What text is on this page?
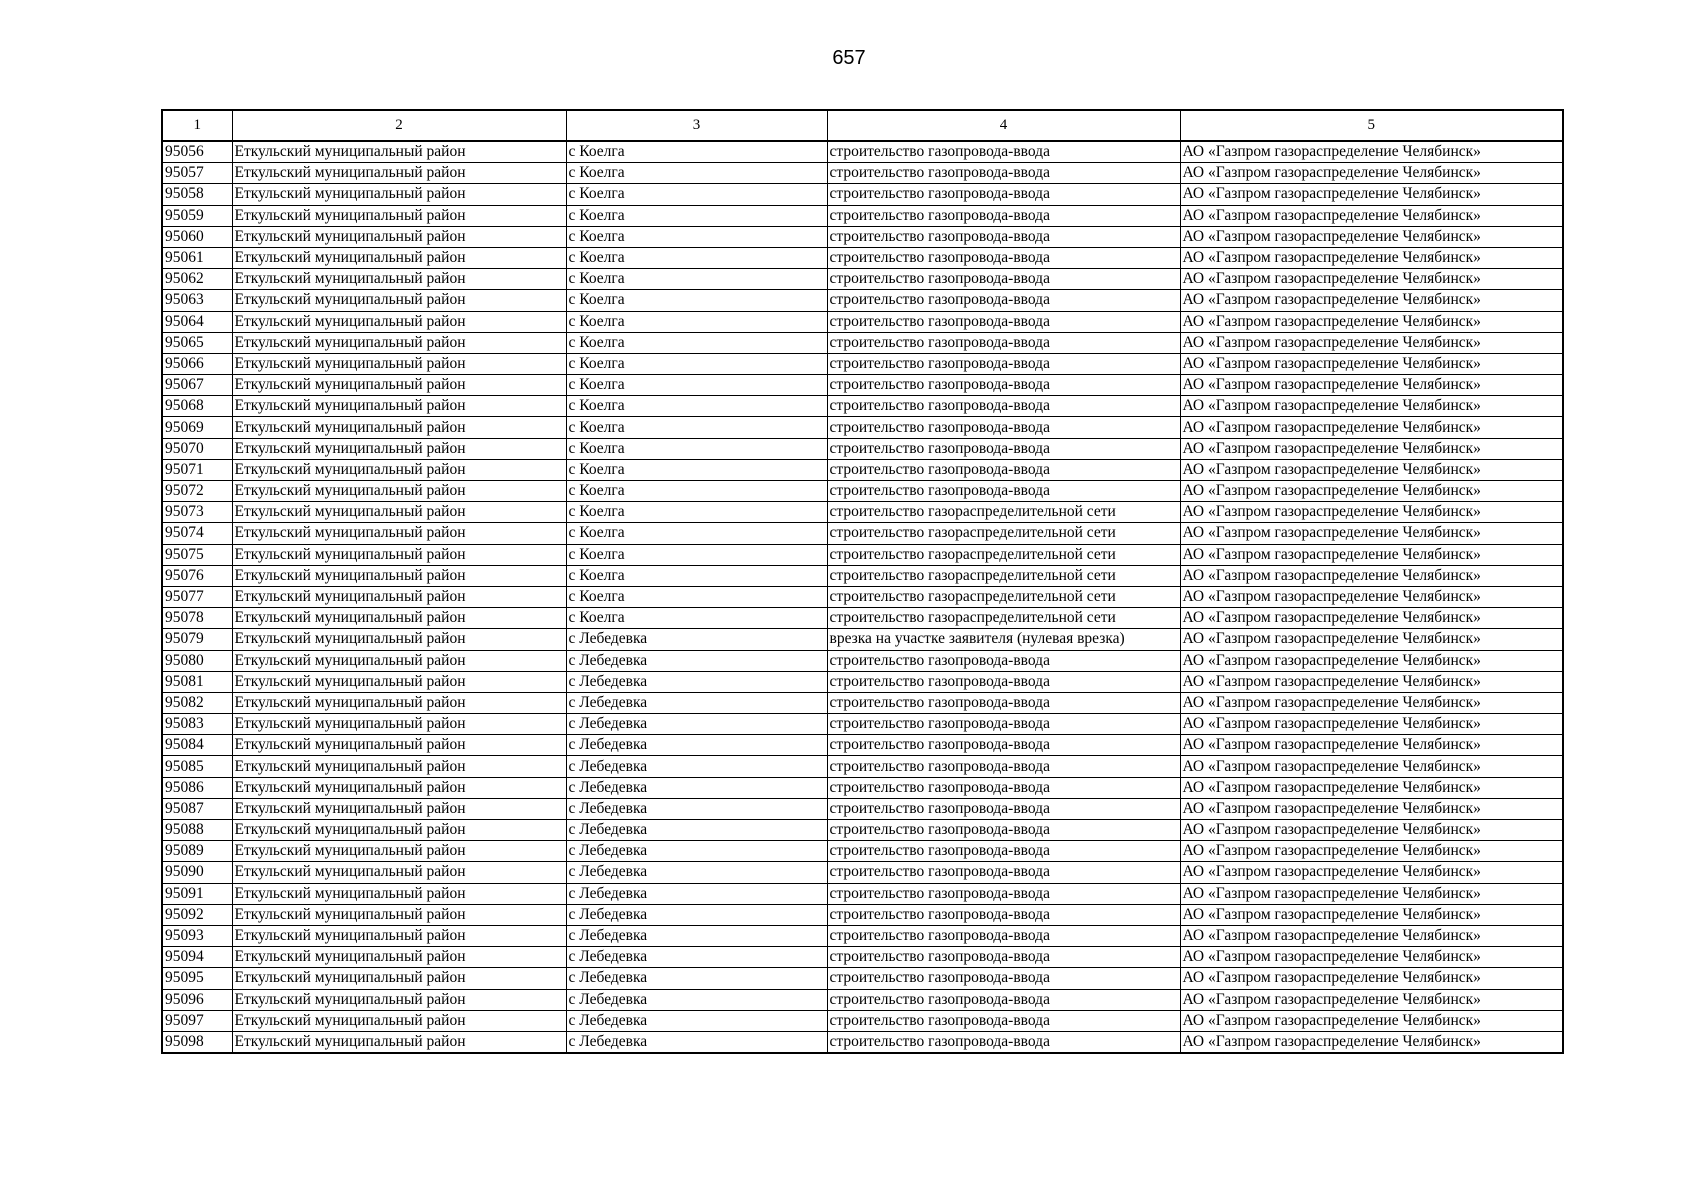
657
1	2	3	4	5
95056	Еткульский муниципальный район	с Коелга	строительство газопровода-ввода	АО «Газпром газораспределение Челябинск»
95057	Еткульский муниципальный район	с Коелга	строительство газопровода-ввода	АО «Газпром газораспределение Челябинск»
95058	Еткульский муниципальный район	с Коелга	строительство газопровода-ввода	АО «Газпром газораспределение Челябинск»
95059	Еткульский муниципальный район	с Коелга	строительство газопровода-ввода	АО «Газпром газораспределение Челябинск»
95060	Еткульский муниципальный район	с Коелга	строительство газопровода-ввода	АО «Газпром газораспределение Челябинск»
95061	Еткульский муниципальный район	с Коелга	строительство газопровода-ввода	АО «Газпром газораспределение Челябинск»
95062	Еткульский муниципальный район	с Коелга	строительство газопровода-ввода	АО «Газпром газораспределение Челябинск»
95063	Еткульский муниципальный район	с Коелга	строительство газопровода-ввода	АО «Газпром газораспределение Челябинск»
95064	Еткульский муниципальный район	с Коелга	строительство газопровода-ввода	АО «Газпром газораспределение Челябинск»
95065	Еткульский муниципальный район	с Коелга	строительство газопровода-ввода	АО «Газпром газораспределение Челябинск»
95066	Еткульский муниципальный район	с Коелга	строительство газопровода-ввода	АО «Газпром газораспределение Челябинск»
95067	Еткульский муниципальный район	с Коелга	строительство газопровода-ввода	АО «Газпром газораспределение Челябинск»
95068	Еткульский муниципальный район	с Коелга	строительство газопровода-ввода	АО «Газпром газораспределение Челябинск»
95069	Еткульский муниципальный район	с Коелга	строительство газопровода-ввода	АО «Газпром газораспределение Челябинск»
95070	Еткульский муниципальный район	с Коелга	строительство газопровода-ввода	АО «Газпром газораспределение Челябинск»
95071	Еткульский муниципальный район	с Коелга	строительство газопровода-ввода	АО «Газпром газораспределение Челябинск»
95072	Еткульский муниципальный район	с Коелга	строительство газопровода-ввода	АО «Газпром газораспределение Челябинск»
95073	Еткульский муниципальный район	с Коелга	строительство газораспределительной сети	АО «Газпром газораспределение Челябинск»
95074	Еткульский муниципальный район	с Коелга	строительство газораспределительной сети	АО «Газпром газораспределение Челябинск»
95075	Еткульский муниципальный район	с Коелга	строительство газораспределительной сети	АО «Газпром газораспределение Челябинск»
95076	Еткульский муниципальный район	с Коелга	строительство газораспределительной сети	АО «Газпром газораспределение Челябинск»
95077	Еткульский муниципальный район	с Коелга	строительство газораспределительной сети	АО «Газпром газораспределение Челябинск»
95078	Еткульский муниципальный район	с Коелга	строительство газораспределительной сети	АО «Газпром газораспределение Челябинск»
95079	Еткульский муниципальный район	с Лебедевка	врезка на участке заявителя (нулевая врезка)	АО «Газпром газораспределение Челябинск»
95080	Еткульский муниципальный район	с Лебедевка	строительство газопровода-ввода	АО «Газпром газораспределение Челябинск»
95081	Еткульский муниципальный район	с Лебедевка	строительство газопровода-ввода	АО «Газпром газораспределение Челябинск»
95082	Еткульский муниципальный район	с Лебедевка	строительство газопровода-ввода	АО «Газпром газораспределение Челябинск»
95083	Еткульский муниципальный район	с Лебедевка	строительство газопровода-ввода	АО «Газпром газораспределение Челябинск»
95084	Еткульский муниципальный район	с Лебедевка	строительство газопровода-ввода	АО «Газпром газораспределение Челябинск»
95085	Еткульский муниципальный район	с Лебедевка	строительство газопровода-ввода	АО «Газпром газораспределение Челябинск»
95086	Еткульский муниципальный район	с Лебедевка	строительство газопровода-ввода	АО «Газпром газораспределение Челябинск»
95087	Еткульский муниципальный район	с Лебедевка	строительство газопровода-ввода	АО «Газпром газораспределение Челябинск»
95088	Еткульский муниципальный район	с Лебедевка	строительство газопровода-ввода	АО «Газпром газораспределение Челябинск»
95089	Еткульский муниципальный район	с Лебедевка	строительство газопровода-ввода	АО «Газпром газораспределение Челябинск»
95090	Еткульский муниципальный район	с Лебедевка	строительство газопровода-ввода	АО «Газпром газораспределение Челябинск»
95091	Еткульский муниципальный район	с Лебедевка	строительство газопровода-ввода	АО «Газпром газораспределение Челябинск»
95092	Еткульский муниципальный район	с Лебедевка	строительство газопровода-ввода	АО «Газпром газораспределение Челябинск»
95093	Еткульский муниципальный район	с Лебедевка	строительство газопровода-ввода	АО «Газпром газораспределение Челябинск»
95094	Еткульский муниципальный район	с Лебедевка	строительство газопровода-ввода	АО «Газпром газораспределение Челябинск»
95095	Еткульский муниципальный район	с Лебедевка	строительство газопровода-ввода	АО «Газпром газораспределение Челябинск»
95096	Еткульский муниципальный район	с Лебедевка	строительство газопровода-ввода	АО «Газпром газораспределение Челябинск»
95097	Еткульский муниципальный район	с Лебедевка	строительство газопровода-ввода	АО «Газпром газораспределение Челябинск»
95098	Еткульский муниципальный район	с Лебедевка	строительство газопровода-ввода	АО «Газпром газораспределение Челябинск»
